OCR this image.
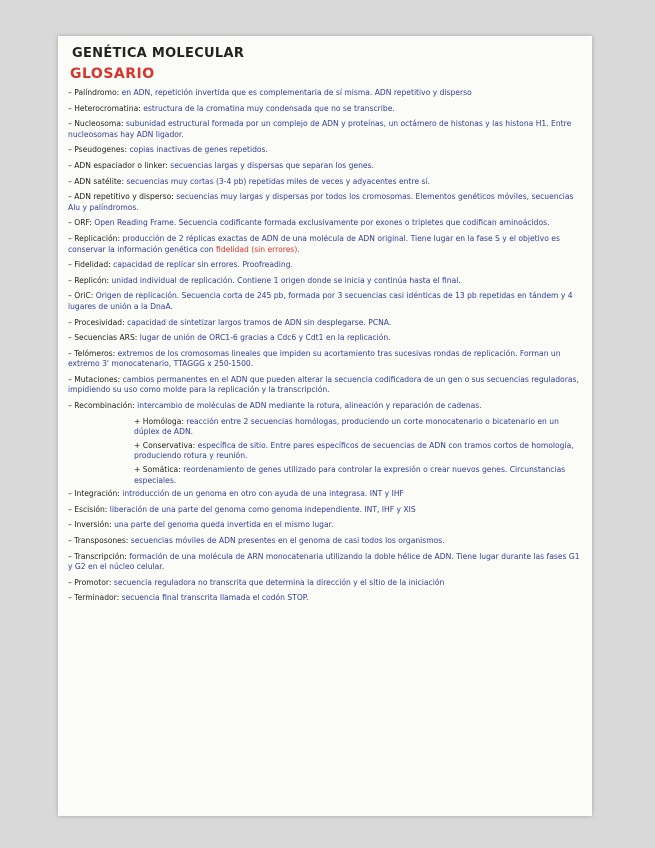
GENÉTICA MOLECULAR
GLOSARIO
– Palíndromo: en ADN, repetición invertida que es complementaria de sí misma. ADN repetitivo y disperso
– Heterocromatina: estructura de la cromatina muy condensada que no se transcribe.
– Nucleosoma: subunidad estructural formada por un complejo de ADN y proteínas, un octámero de histonas y las histona H1. Entre nucleosomas hay ADN ligador.
– Pseudogenes: copias inactivas de genes repetidos.
– ADN espaciador o linker: secuencias largas y dispersas que separan los genes.
– ADN satélite: secuencias muy cortas (3-4 pb) repetidas miles de veces y adyacentes entre sí.
– ADN repetitivo y disperso: secuencias muy largas y dispersas por todos los cromosomas. Elementos genéticos móviles, secuencias Alu y palíndromos.
– ORF: Open Reading Frame. Secuencia codificante formada exclusivamente por exones o tripletes que codifican aminoácidos.
– Replicación: producción de 2 réplicas exactas de ADN de una molécula de ADN original. Tiene lugar en la fase S y el objetivo es conservar la información genética con fidelidad (sin errores).
– Fidelidad: capacidad de replicar sin errores. Proofreading.
– Replicón: unidad individual de replicación. Contiene 1 origen donde se inicia y continúa hasta el final.
– OriC: Origen de replicación. Secuencia corta de 245 pb, formada por 3 secuencias casi idénticas de 13 pb repetidas en tándem y 4 lugares de unión a la DnaA.
– Procesividad: capacidad de sintetizar largos tramos de ADN sin desplegarse. PCNA.
– Secuencias ARS: lugar de unión de ORC1-6 gracias a Cdc6 y Cdt1 en la replicación.
– Telómeros: extremos de los cromosomas lineales que impiden su acortamiento tras sucesivas rondas de replicación. Forman un extremo 3' monocatenario, TTAGGG x 250-1500.
– Mutaciones: cambios permanentes en el ADN que pueden alterar la secuencia codificadora de un gen o sus secuencias reguladoras, impidiendo su uso como molde para la replicación y la transcripción.
– Recombinación: intercambio de moléculas de ADN mediante la rotura, alineación y reparación de cadenas.
+ Homóloga: reacción entre 2 secuencias homólogas, produciendo un corte monocatenario o bicatenario en un dúplex de ADN.
+ Conservativa: específica de sitio. Entre pares específicos de secuencias de ADN con tramos cortos de homología, produciendo rotura y reunión.
+ Somática: reordenamiento de genes utilizado para controlar la expresión o crear nuevos genes. Circunstancias especiales.
– Integración: introducción de un genoma en otro con ayuda de una integrasa. INT y IHF
– Escisión: liberación de una parte del genoma como genoma independiente. INT, IHF y XIS
– Inversión: una parte del genoma queda invertida en el mismo lugar.
– Transposones: secuencias móviles de ADN presentes en el genoma de casi todos los organismos.
– Transcripción: formación de una molécula de ARN monocatenaria utilizando la doble hélice de ADN. Tiene lugar durante las fases G1 y G2 en el núcleo celular.
– Promotor: secuencia reguladora no transcrita que determina la dirección y el sitio de la iniciación
– Terminador: secuencia final transcrita llamada el codón STOP.
